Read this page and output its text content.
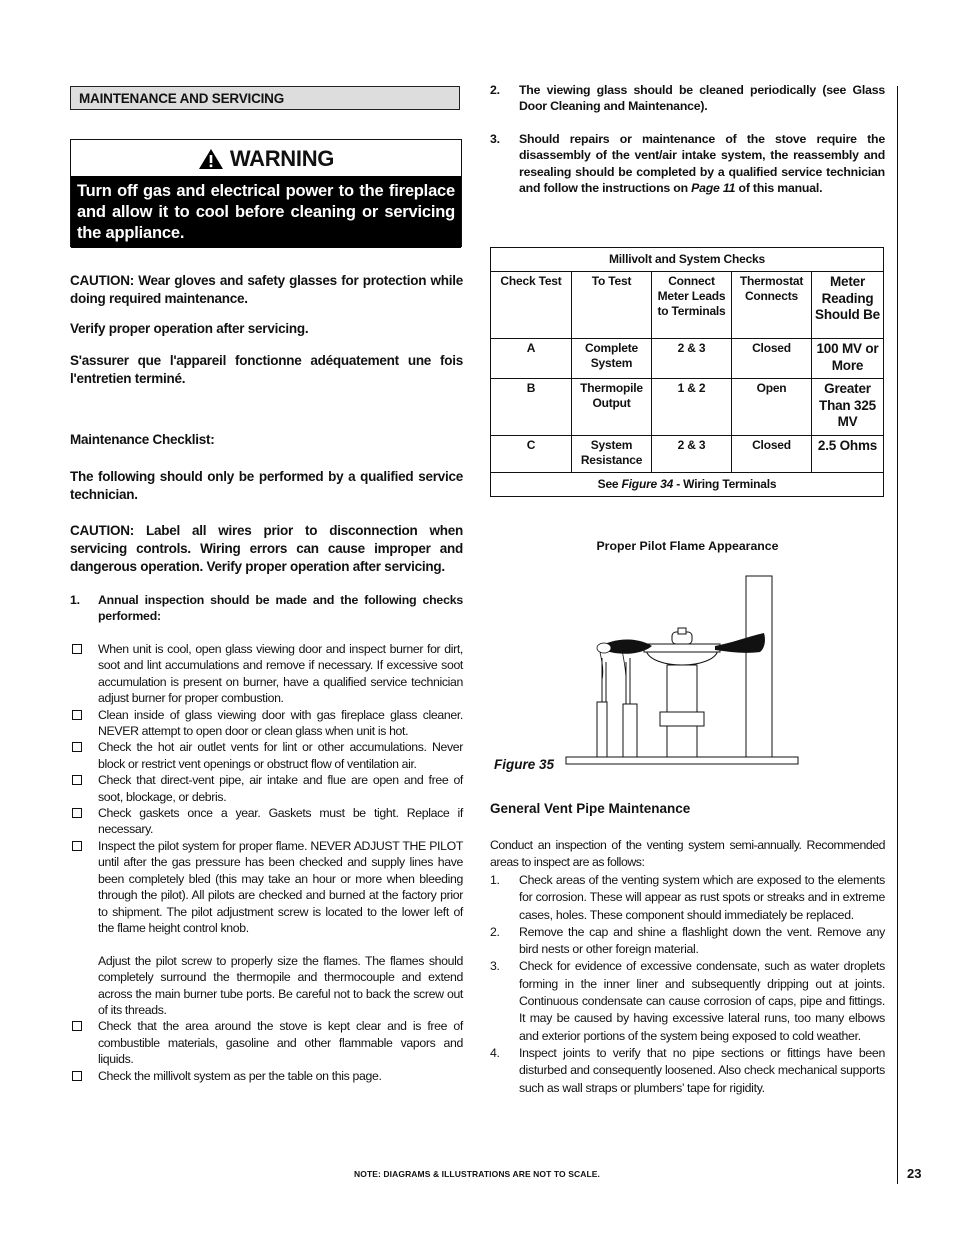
MAINTENANCE AND SERVICING
WARNING
Turn off gas and electrical power to the fireplace and allow it to cool before cleaning or servicing the appliance.
CAUTION: Wear gloves and safety glasses for protection while doing required maintenance.
Verify proper operation after servicing.
S'assurer que l'appareil fonctionne adéquatement une fois l'entretien terminé.
Maintenance Checklist:
The following should only be performed by a qualified service technician.
CAUTION: Label all wires prior to disconnection when servicing controls. Wiring errors can cause improper and dangerous operation. Verify proper operation after servicing.
1. Annual inspection should be made and the following checks performed:
When unit is cool, open glass viewing door and inspect burner for dirt, soot and lint accumulations and remove if necessary. If excessive soot accumulation is present on burner, have a qualified service technician adjust burner for proper combustion.
Clean inside of glass viewing door with gas fireplace glass cleaner. NEVER attempt to open door or clean glass when unit is hot.
Check the hot air outlet vents for lint or other accumulations. Never block or restrict vent openings or obstruct flow of ventilation air.
Check that direct-vent pipe, air intake and flue are open and free of soot, blockage, or debris.
Check gaskets once a year. Gaskets must be tight. Replace if necessary.
Inspect the pilot system for proper flame. NEVER ADJUST THE PILOT until after the gas pressure has been checked and supply lines have been completely bled (this may take an hour or more when bleeding through the pilot). All pilots are checked and burned at the factory prior to shipment. The pilot adjustment screw is located to the lower left of the flame height control knob.
Adjust the pilot screw to properly size the flames. The flames should completely surround the thermopile and thermocouple and extend across the main burner tube ports. Be careful not to back the screw out of its threads.
Check that the area around the stove is kept clear and is free of combustible materials, gasoline and other flammable vapors and liquids.
Check the millivolt system as per the table on this page.
2. The viewing glass should be cleaned periodically (see Glass Door Cleaning and Maintenance).
3. Should repairs or maintenance of the stove require the disassembly of the vent/air intake system, the reassembly and resealing should be completed by a qualified service technician and follow the instructions on Page 11 of this manual.
Millivolt and System Checks				
Check Test	To Test	Connect Meter Leads to Terminals	Thermostat Connects	Meter Reading Should Be
A	Complete System	2 & 3	Closed	100 MV or More
B	Thermopile Output	1 & 2	Open	Greater Than 325 MV
C	System Resistance	2 & 3	Closed	2.5 Ohms
See Figure 34 - Wiring Terminals				
Proper Pilot Flame Appearance
Figure 35
General Vent Pipe Maintenance
Conduct an inspection of the venting system semi-annually. Recommended areas to inspect are as follows:
1. Check areas of the venting system which are exposed to the elements for corrosion. These will appear as rust spots or streaks and in extreme cases, holes. These component should immediately be replaced.
2. Remove the cap and shine a flashlight down the vent. Remove any bird nests or other foreign material.
3. Check for evidence of excessive condensate, such as water droplets forming in the inner liner and subsequently dripping out at joints. Continuous condensate can cause corrosion of caps, pipe and fittings. It may be caused by having excessive lateral runs, too many elbows and exterior portions of the system being exposed to cold weather.
4. Inspect joints to verify that no pipe sections or fittings have been disturbed and consequently loosened. Also check mechanical supports such as wall straps or plumbers’ tape for rigidity.
NOTE: DIAGRAMS & ILLUSTRATIONS ARE NOT TO SCALE.	23
